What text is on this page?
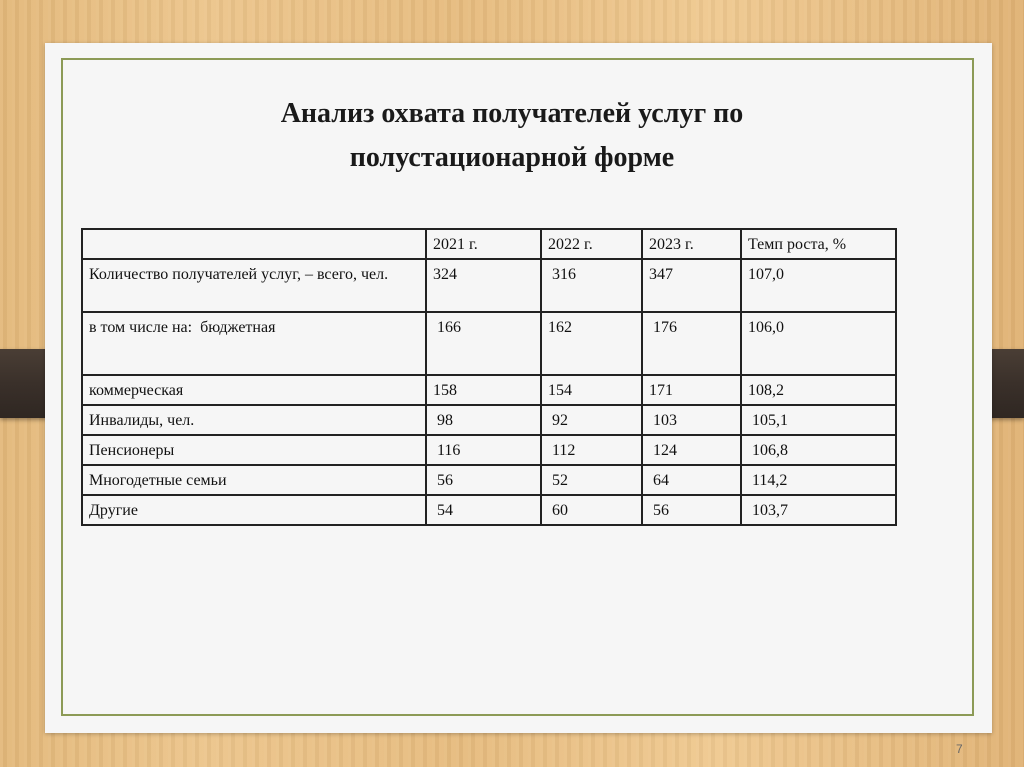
Анализ охвата получателей услуг по
полустационарной форме
	2021 г.	2022 г.	2023 г.	Темп роста, %
Количество получателей услуг, – всего, чел.	324	316	347	107,0
в том числе на:  бюджетная	166	162	176	106,0
коммерческая	158	154	171	108,2
Инвалиды, чел.	98	92	103	105,1
Пенсионеры	116	112	124	106,8
Многодетные семьи	56	52	64	114,2
Другие	54	60	56	103,7
7
